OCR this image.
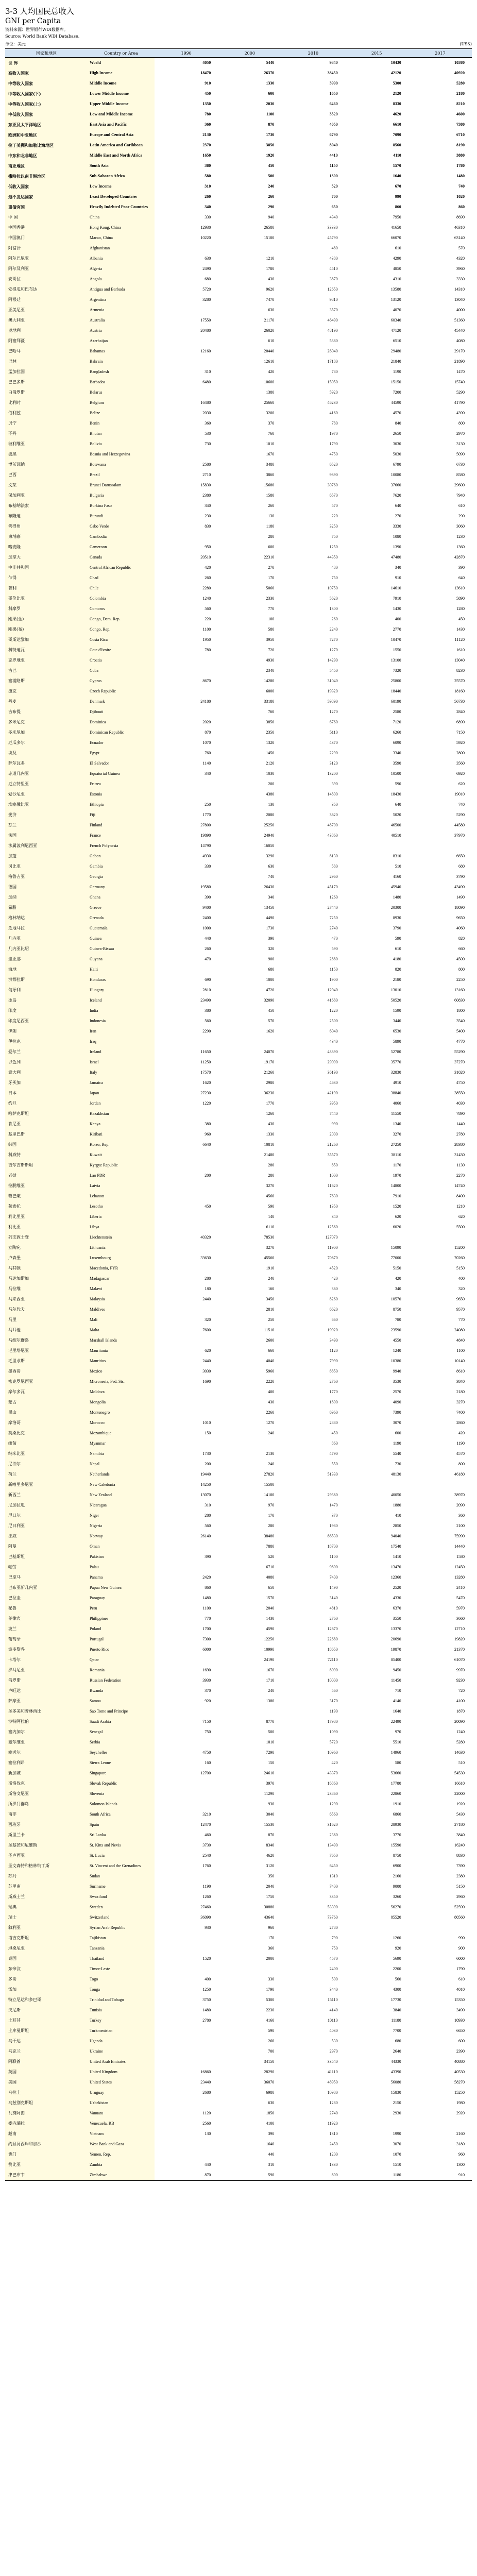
3-3 人均国民总收入
GNI per Capita
资料来源：世界银行WDI数据库。
Source: World Bank WDI Database.
单位：美元	(US$)
国家和地区	Country or Area	1990	2000	2010	2015	2017
世 界	World	4050	5440	9340	10430	10380
高收入国家	High Income	18470	26370	38450	42120	40920
中等收入国家	Middle Income	910	1330	3990	5300	5280
中等收入国家(下)	Lower Middle Income	450	600	1650	2120	2180
中等收入国家(上)	Upper Middle Income	1350	2030	6460	8330	8210
中低收入国家	Low and Middle Income	780	1100	3520	4620	4600
东亚及太平洋地区	East Asia and Pacific	360	870	4050	6610	7380
欧洲和中亚地区	Europe and Central Asia	2130	1730	6790	7090	6710
拉丁美洲和加勒比海地区	Latin America and Caribbean	2370	3850	8040	8560	8190
中东和北非地区	Middle East and North Africa	1650	1920	4410	4110	3880
南亚地区	South Asia	380	450	1150	1570	1780
撒哈拉以南非洲地区	Sub-Saharan Africa	580	500	1300	1640	1480
低收入国家	Low Income	310	240	520	670	740
最不发达国家	Least Developed Countries	260	260	700	990	1020
重债穷国	Heavily Indebted Poor Countries	340	290	650	860	860
中 国	China	330	940	4340	7950	8690
中国香港	Hong Kong, China	12930	26580	33330	41650	46310
中国澳门	Macao, China	10220	15100	45790	66070	63140
阿富汗	Afghanistan			480	610	570
阿尔巴尼亚	Albania	630	1210	4380	4290	4320
阿尔及利亚	Algeria	2490	1780	4510	4850	3960
安哥拉	Angola	680	430	3870	4310	3330
安提瓜和巴布达	Antigua and Barbuda	5720	9620	12650	13580	14310
阿根廷	Argentina	3280	7470	9810	13120	13040
亚美尼亚	Armenia		630	3570	4070	4000
澳大利亚	Australia	17550	21170	46490	60340	51360
奥地利	Austria	20480	26020	48190	47120	45440
阿塞拜疆	Azerbaijan		610	5380	6510	4080
巴哈马	Bahamas	12160	20440	26040	29480	29170
巴林	Bahrain		12610	17180	21840	21890
孟加拉国	Bangladesh	310	420	780	1190	1470
巴巴多斯	Barbados	6480	10600	15050	15150	15740
白俄罗斯	Belarus		1380	5920	7200	5290
比利时	Belgium	16480	25660	46230	44590	41790
伯利兹	Belize	2030	3200	4160	4570	4390
贝宁	Benin	360	370	780	840	800
不丹	Bhutan	530	760	1970	2650	2970
玻利维亚	Bolivia	730	1010	1790	3030	3130
波黑	Bosnia and Herzegovina		1670	4750	5030	5090
博茨瓦纳	Botswana	2580	3480	6520	6790	6730
巴西	Brazil	2710	3860	9390	10080	8580
文莱	Brunei Darussalam	15830	15680	30760	37660	29600
保加利亚	Bulgaria	2380	1580	6570	7620	7940
布基纳法索	Burkina Faso	340	260	570	640	610
布隆迪	Burundi	230	130	220	270	290
佛得角	Cabo Verde	830	1180	3250	3330	3060
柬埔寨	Cambodia		280	750	1080	1230
喀麦隆	Cameroon	950	600	1250	1390	1360
加拿大	Canada	20510	22310	44350	47480	42870
中非共和国	Central African Republic	420	270	480	340	390
乍得	Chad	260	170	750	910	640
智利	Chile	2280	5060	10750	14610	13610
哥伦比亚	Colombia	1240	2330	5620	7910	5890
科摩罗	Comoros	560	770	1300	1430	1280
刚果(金)	Congo, Dem. Rep.	220	100	260	400	450
刚果(布)	Congo, Rep.	1100	580	2240	2770	1430
哥斯达黎加	Costa Rica	1950	3950	7270	10470	11120
科特迪瓦	Cote d'Ivoire	780	720	1270	1550	1610
克罗地亚	Croatia		4930	14290	13100	13040
古巴	Cuba		2340	5450	7320	8230
塞浦路斯	Cyprus	8670	14280	31040	25800	25570
捷克	Czech Republic		6000	19320	18440	18160
丹麦	Denmark	24180	33180	59890	60190	56730
吉布提	Djibouti		760	1270	2580	2840
多米尼克	Dominica	2020	3850	6760	7120	6890
多米尼加	Dominican Republic	870	2350	5110	6260	7150
厄瓜多尔	Ecuador	1070	1320	4370	6090	5920
埃及	Egypt	760	1450	2290	3340	2800
萨尔瓦多	El Salvador	1140	2120	3120	3590	3560
赤道几内亚	Equatorial Guinea	340	1030	13200	10500	6920
厄立特里亚	Eritrea		200	390	590	620
爱沙尼亚	Estonia		4380	14800	18430	19010
埃塞俄比亚	Ethiopia	250	130	350	640	740
斐济	Fiji	1770	2080	3620	5020	5290
芬兰	Finland	27800	25250	48700	46500	44580
法国	France	19890	24940	43860	40510	37970
法属波利尼西亚	French Polynesia	14790	16050			
加蓬	Gabon	4930	3290	8130	8310	6650
冈比亚	Gambia	330	630	580	510	680
格鲁吉亚	Georgia		740	2960	4160	3790
德国	Germany	19580	26430	45170	45940	43490
加纳	Ghana	390	340	1260	1480	1490
希腊	Greece	9400	13450	27440	20300	18090
格林纳达	Grenada	2400	4490	7250	8930	9650
危地马拉	Guatemala	1000	1730	2740	3790	4060
几内亚	Guinea	440	390	470	590	820
几内亚比绍	Guinea-Bissau	260	320	590	610	660
圭亚那	Guyana	470	900	2880	4180	4500
海地	Haiti		680	1150	820	800
洪都拉斯	Honduras	690	1000	1900	2180	2250
匈牙利	Hungary	2810	4720	12940	13010	13160
冰岛	Iceland	23490	32090	41680	50520	60830
印度	India	380	450	1220	1590	1800
印度尼西亚	Indonesia	560	570	2500	3440	3540
伊朗	Iran	2290	1620	6040	6530	5400
伊拉克	Iraq			4340	5890	4770
爱尔兰	Ireland	11650	24070	43390	52780	55290
以色列	Israel	11250	19170	29090	35770	37270
意大利	Italy	17570	21260	36190	32830	31020
牙买加	Jamaica	1620	2980	4630	4910	4750
日本	Japan	27230	36230	42190	38840	38550
约旦	Jordan	1220	1770	3950	4060	4030
哈萨克斯坦	Kazakhstan		1260	7440	11550	7890
肯尼亚	Kenya	380	430	990	1340	1440
基里巴斯	Kiribati	960	1330	2000	3270	2780
韩国	Korea, Rep.	6640	10810	21260	27250	28380
科威特	Kuwait		21480	35570	38110	31430
吉尔吉斯斯坦	Kyrgyz Republic		280	850	1170	1130
老挝	Lao PDR	200	280	1000	1970	2270
拉脱维亚	Latvia		3270	11620	14800	14740
黎巴嫩	Lebanon		4560	7630	7910	8400
莱索托	Lesotho	450	590	1350	1520	1210
利比里亚	Liberia		140	340	620	620
利比亚	Libya		6110	12560	6020	5500
列支敦士登	Liechtenstein	40320	78530	127070		
立陶宛	Lithuania		3270	11900	15090	15200
卢森堡	Luxembourg	33630	45560	70670	77000	70260
马其顿	Macedonia, FYR		1910	4520	5150	5150
马达加斯加	Madagascar	280	240	420	420	400
马拉维	Malawi	180	160	360	340	320
马来西亚	Malaysia	2440	3450	8260	10570	9650
马尔代夫	Maldives		2810	6620	8750	9570
马里	Mali	320	250	660	780	770
马耳他	Malta	7600	11510	19920	23590	24080
马绍尔群岛	Marshall Islands		2600	3490	4550	4840
毛里塔尼亚	Mauritania	620	660	1120	1240	1100
毛里求斯	Mauritius	2440	4040	7990	10380	10140
墨西哥	Mexico	3030	5960	8850	9940	8610
密克罗尼西亚	Micronesia, Fed. Sts.	1690	2220	2760	3530	3840
摩尔多瓦	Moldova		400	1770	2570	2180
蒙古	Mongolia		430	1800	4090	3270
黑山	Montenegro		2260	6960	7390	7400
摩洛哥	Morocco	1010	1270	2880	3070	2860
莫桑比克	Mozambique	150	240	450	600	420
缅甸	Myanmar			860	1190	1190
纳米比亚	Namibia	1730	2130	4790	5540	4570
尼泊尔	Nepal	200	240	550	730	800
荷兰	Netherlands	19440	27820	51330	48130	46180
新喀里多尼亚	New Caledonia	14250	15500			
新西兰	New Zealand	13070	14100	29360	40050	38970
尼加拉瓜	Nicaragua	310	970	1470	1880	2090
尼日尔	Niger	280	170	370	410	360
尼日利亚	Nigeria	560	280	1980	2850	2100
挪威	Norway	26140	38480	86530	94040	75990
阿曼	Oman		7880	18700	17540	14440
巴基斯坦	Pakistan	390	520	1100	1410	1580
帕劳	Palau		6710	9800	13470	12450
巴拿马	Panama	2420	4080	7400	12360	13280
巴布亚新几内亚	Papua New Guinea	860	650	1490	2520	2410
巴拉圭	Paraguay	1480	1570	3140	4330	5470
秘鲁	Peru	1100	2040	4810	6370	5970
菲律宾	Philippines	770	1430	2760	3550	3660
波兰	Poland	1700	4590	12670	13370	12710
葡萄牙	Portugal	7300	12250	22680	20690	19820
波多黎各	Puerto Rico	6000	10990	18650	19870	21370
卡塔尔	Qatar		24190	72110	85400	61070
罗马尼亚	Romania	1690	1670	8090	9450	9970
俄罗斯	Russian Federation	3930	1710	10000	11450	9230
卢旺达	Rwanda	370	240	560	710	720
萨摩亚	Samoa	920	1380	3170	4140	4100
圣多美和普林西比	Sao Tome and Principe			1190	1640	1870
沙特阿拉伯	Saudi Arabia	7150	8770	17980	22490	20090
塞内加尔	Senegal	750	500	1090	970	1240
塞尔维亚	Serbia		1010	5720	5510	5280
塞舌尔	Seychelles	4750	7290	10960	14960	14630
塞拉利昂	Sierra Leone	160	150	420	580	510
新加坡	Singapore	12700	24610	43370	53660	54530
斯洛伐克	Slovak Republic		3970	16860	17780	16610
斯洛文尼亚	Slovenia		11290	23860	22860	22000
所罗门群岛	Solomon Islands		930	1290	1910	1920
南非	South Africa	3210	3040	6560	6860	5430
西班牙	Spain	12470	15530	31620	28930	27180
斯里兰卡	Sri Lanka	460	870	2360	3770	3840
圣基茨和尼维斯	St. Kitts and Nevis	3730	8340	13490	15590	16240
圣卢西亚	St. Lucia	2540	4620	7650	8750	8830
圣文森特和格林纳丁斯	St. Vincent and the Grenadines	1760	3120	6450	6900	7390
苏丹	Sudan		350	1310	2160	2380
苏里南	Suriname	1190	2040	7400	9000	5150
斯威士兰	Swaziland	1260	1750	3350	3260	2960
瑞典	Sweden	27460	30880	53390	56270	52590
瑞士	Switzerland	36090	43640	73760	85520	80560
叙利亚	Syrian Arab Republic	930	960	2780		
塔吉克斯坦	Tajikistan		170	790	1260	990
坦桑尼亚	Tanzania		360	750	920	900
泰国	Thailand	1520	2000	4570	5690	6000
东帝汶	Timor-Leste			2400	2200	1790
多哥	Togo	400	330	500	560	610
汤加	Tonga	1250	1790	3440	4300	4010
特立尼达和多巴哥	Trinidad and Tobago	3750	5300	15110	17730	15350
突尼斯	Tunisia	1480	2230	4140	3840	3490
土耳其	Turkey	2780	4160	10110	11180	10930
土库曼斯坦	Turkmenistan		590	4030	7700	6650
乌干达	Uganda		260	530	680	600
乌克兰	Ukraine		700	2970	2640	2390
阿联酋	United Arab Emirates		34150	33540	44330	40880
英国	United Kingdom	16860	28290	41110	43390	40530
美国	United States	23440	36070	48950	56080	58270
乌拉圭	Uruguay	2680	6980	10980	15830	15250
乌兹别克斯坦	Uzbekistan		630	1280	2150	1980
瓦努阿图	Vanuatu	1120	1850	2740	2930	2920
委内瑞拉	Venezuela, RB	2560	4100	11920		
越南	Vietnam	130	390	1310	1990	2160
约旦河西岸和加沙	West Bank and Gaza		1640	2450	3070	3180
也门	Yemen, Rep.		440	1200	1070	960
赞比亚	Zambia	440	310	1330	1510	1300
津巴布韦	Zimbabwe	870	590	800	1180	910
